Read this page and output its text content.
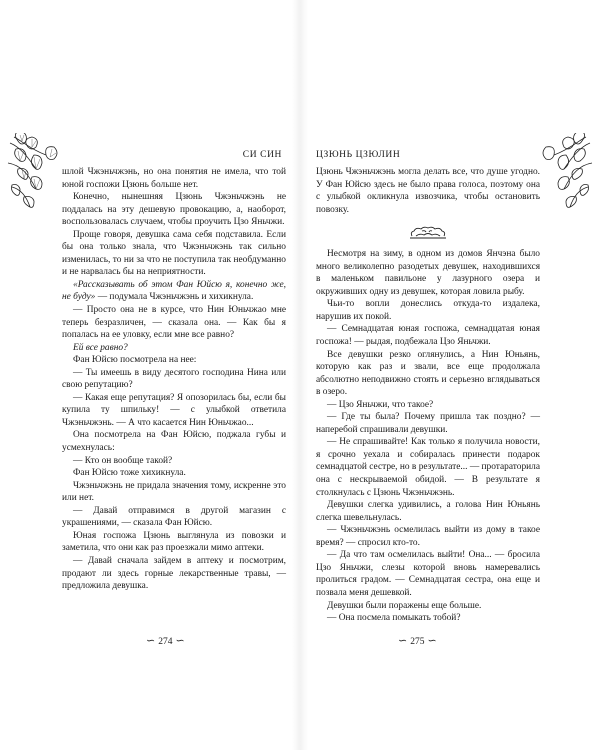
СИ СИН

шлой Чжэньчжэнь, но она понятия не имела, что той юной госпожи Цзюнь больше нет.

Конечно, нынешняя Цзюнь Чжэньчжэнь не поддалась на эту дешевую провокацию, а, наоборот, воспользовалась случаем, чтобы проучить Цзо Яньчжи.

Проще говоря, девушка сама себя подставила. Если бы она только знала, что Чжэньчжэнь так сильно изменилась, то ни за что не поступила так необдуманно и не нарвалась бы на неприятности.

«Рассказывать об этом Фан Юйсю я, конечно же, не буду» — подумала Чжэньчжэнь и хихикнула.

— Просто она не в курсе, что Нин Юньчжао мне теперь безразличен, — сказала она. — Как бы я попалась на ее уловку, если мне все равно?

Ей все равно?

Фан Юйсю посмотрела на нее:

— Ты имеешь в виду десятого господина Нина или свою репутацию?

— Какая еще репутация? Я опозорилась бы, если бы купила ту шпильку! — с улыбкой ответила Чжэньчжэнь. — А что касается Нин Юньчжао...

Она посмотрела на Фан Юйсю, поджала губы и усмехнулась:

— Кто он вообще такой?

Фан Юйсю тоже хихикнула.

Чжэньчжэнь не придала значения тому, искренне это или нет.

— Давай отправимся в другой магазин с украшениями, — сказала Фан Юйсю.

Юная госпожа Цзюнь выглянула из повозки и заметила, что они как раз проезжали мимо аптеки.

— Давай сначала зайдем в аптеку и посмотрим, продают ли здесь горные лекарственные травы, — предложила девушка.

∽ 274 ∽
ЦЗЮНЬ ЦЗЮЛИН

Цзюнь Чжэньчжэнь могла делать все, что душе угодно. У Фан Юйсю здесь не было права голоса, поэтому она с улыбкой окликнула извозчика, чтобы остановить повозку.

Несмотря на зиму, в одном из домов Янчэна было много великолепно разодетых девушек, находившихся в маленьком павильоне у лазурного озера и окруживших одну из девушек, которая ловила рыбу.

Чьи-то вопли донеслись откуда-то издалека, нарушив их покой.

— Семнадцатая юная госпожа, семнадцатая юная госпожа! — рыдая, подбежала Цзо Яньчжи.

Все девушки резко оглянулись, а Нин Юньянь, которую как раз и звали, все еще продолжала абсолютно неподвижно стоять и серьезно вглядываться в озеро.

— Цзо Яньчжи, что такое?

— Где ты была? Почему пришла так поздно? — наперебой спрашивали девушки.

— Не спрашивайте! Как только я получила новости, я срочно уехала и собиралась принести подарок семнадцатой сестре, но в результате... — протараторила она с нескрываемой обидой. — В результате я столкнулась с Цзюнь Чжэньчжэнь.

Девушки слегка удивились, а голова Нин Юньянь слегка шевельнулась.

— Чжэньчжэнь осмелилась выйти из дому в такое время? — спросил кто-то.

— Да что там осмелилась выйти! Она... — бросила Цзо Яньчжи, слезы которой вновь намеревались пролиться градом. — Семнадцатая сестра, она еще и позвала меня дешевкой.

Девушки были поражены еще больше.

— Она посмела помыкать тобой?

∽ 275 ∽
